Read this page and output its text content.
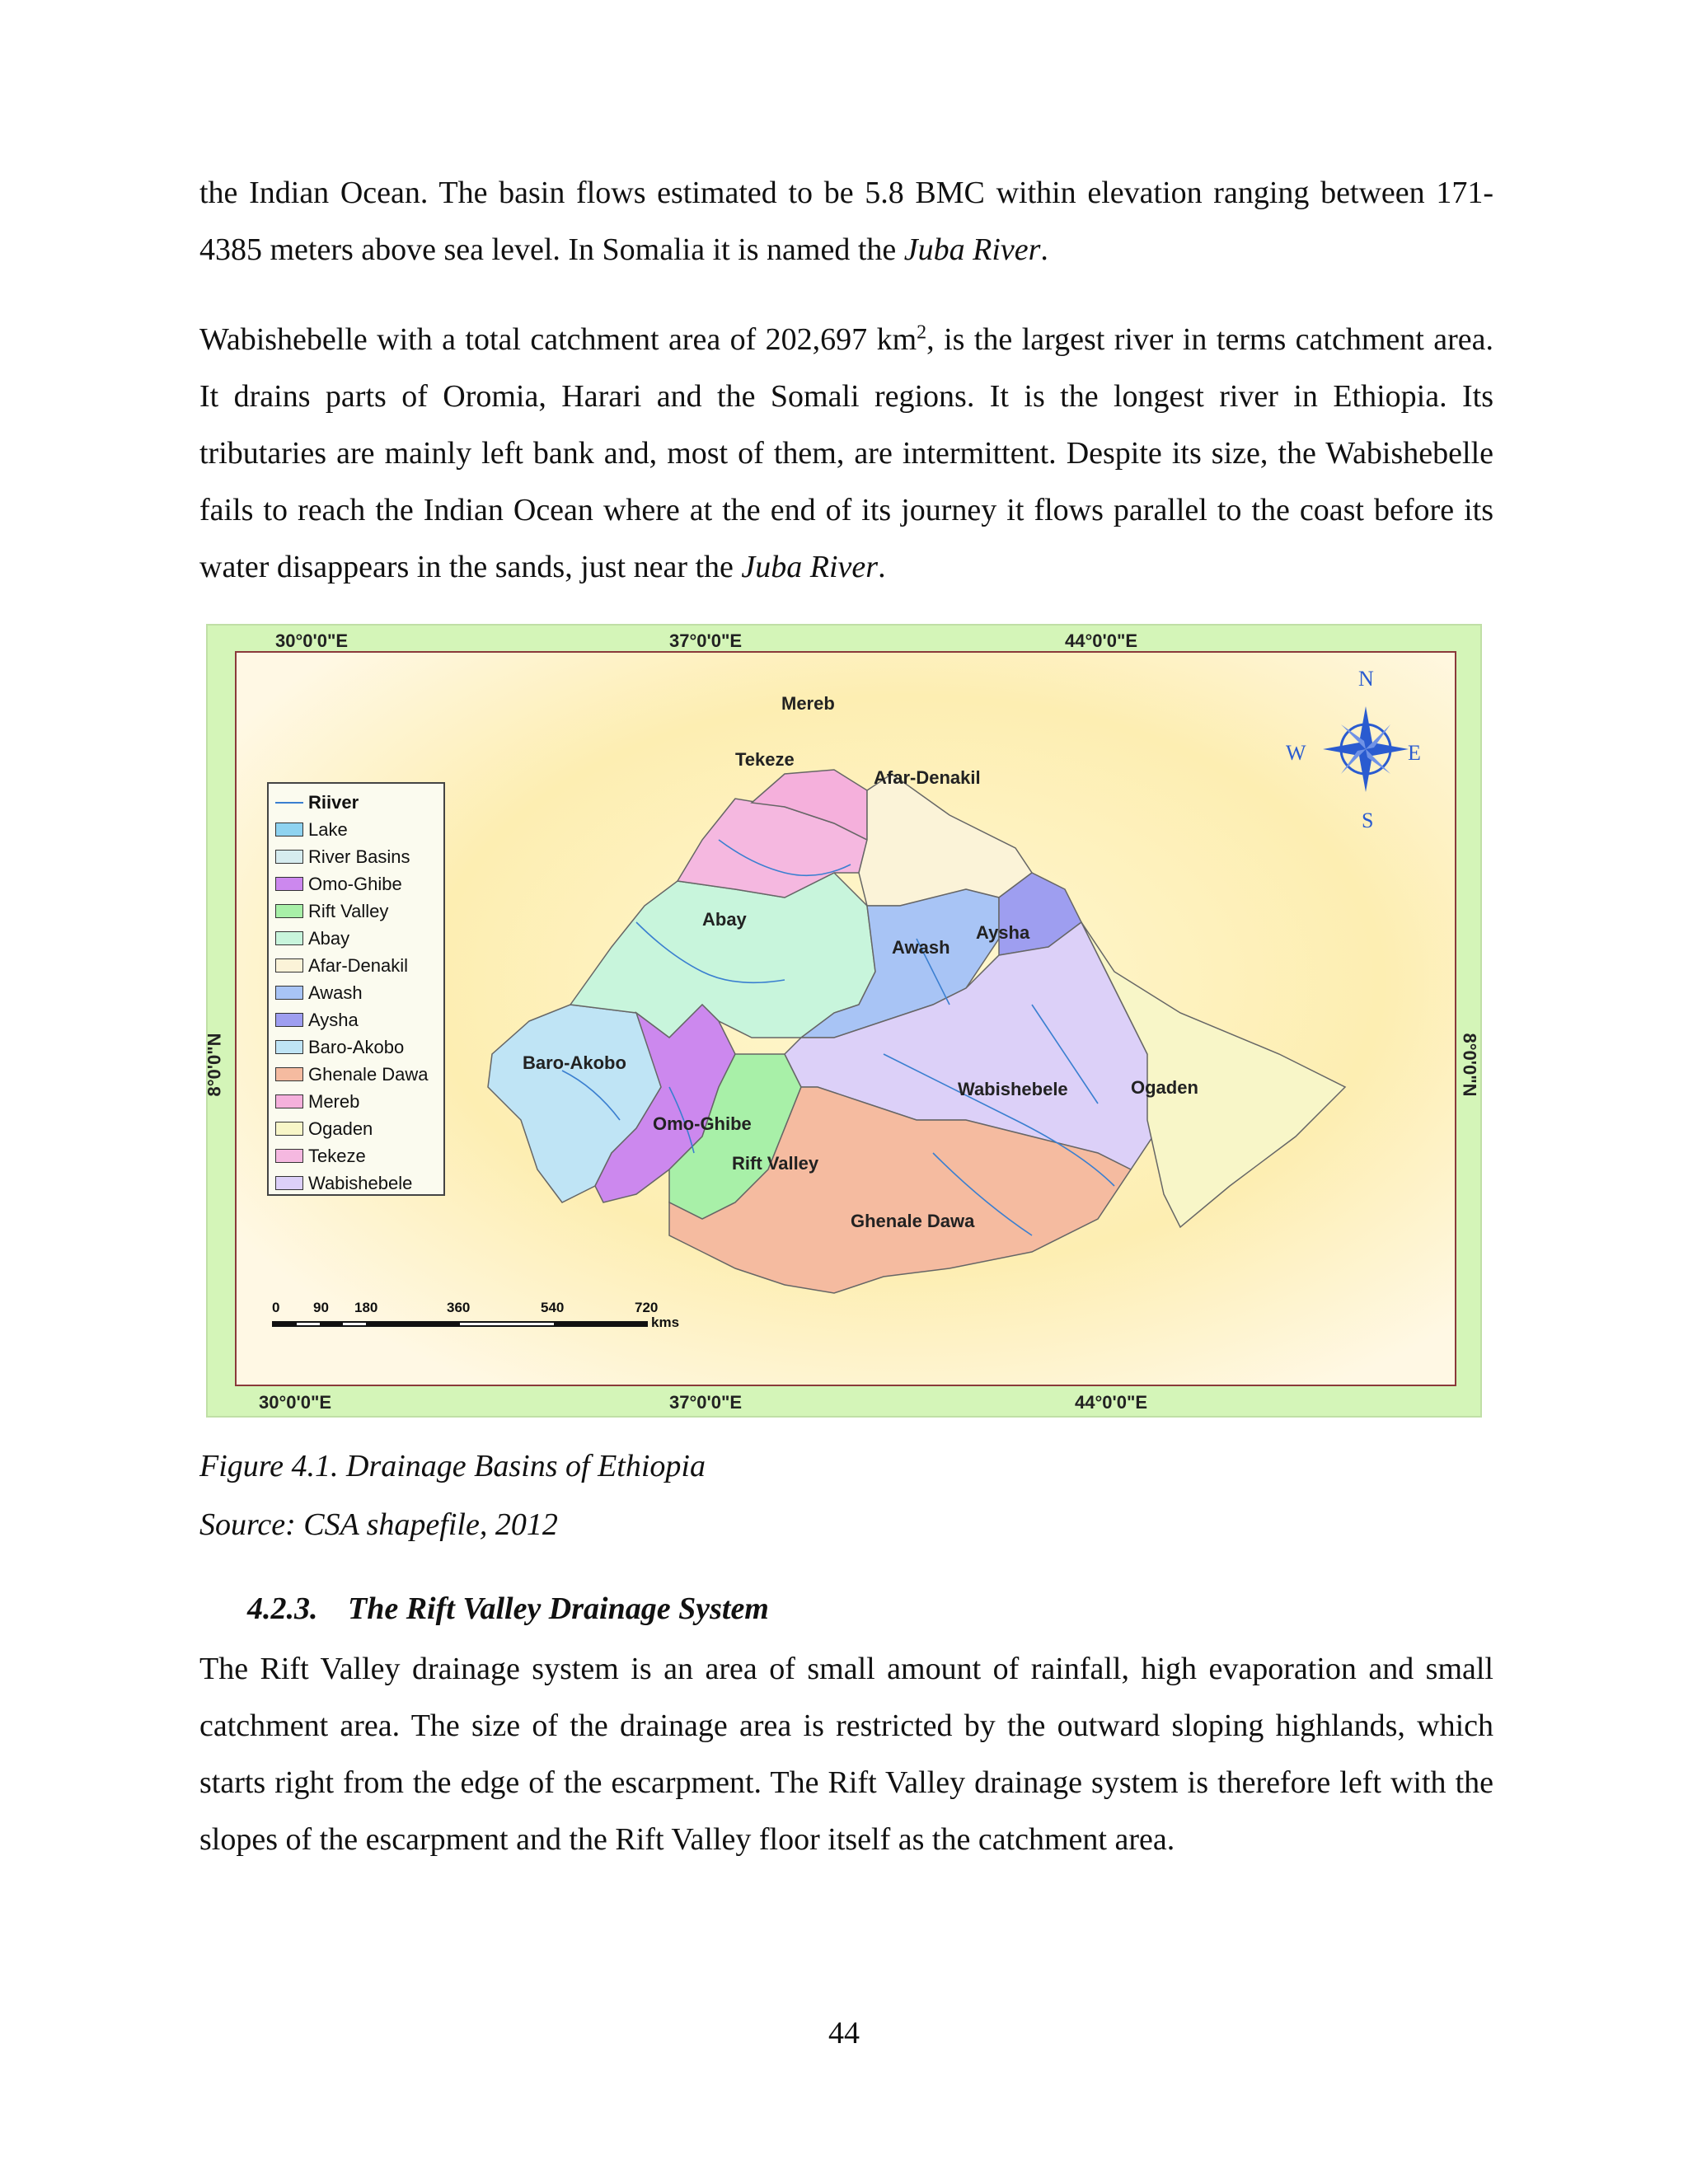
the Indian Ocean. The basin flows estimated to be 5.8 BMC within elevation ranging between 171-4385 meters above sea level. In Somalia it is named the Juba River.

Wabishebelle with a total catchment area of 202,697 $km^2$, is the largest river in terms catchment area. It drains parts of Oromia, Harari and the Somali regions. It is the longest river in Ethiopia. Its tributaries are mainly left bank and, most of them, are intermittent. Despite its size, the Wabishebelle fails to reach the Indian Ocean where at the end of its journey it flows parallel to the coast before its water disappears in the sands, just near the Juba River.

30°0'0"E	37°0'0"E	44°0'0"E
30°0'0"E	37°0'0"E	44°0'0"E
8°0'0"N	8°0'0"N
Riiver
Lake
River Basins
Omo-Ghibe
Rift Valley
Abay
Afar-Denakil
Awash
Aysha
Baro-Akobo
Ghenale Dawa
Mereb
Ogaden
Tekeze
Wabishebele
Mereb
Tekeze
Afar-Denakil
Abay
Awash
Aysha
Baro-Akobo
Ogaden
Wabishebele
Omo-Ghibe
Rift Valley
Ghenale Dawa
N
S
E
W
0 90 180	360	540	720
kms

Figure 4.1. Drainage Basins of Ethiopia

Source: CSA shapefile, 2012

4.2.3. The Rift Valley Drainage System

The Rift Valley drainage system is an area of small amount of rainfall, high evaporation and small catchment area. The size of the drainage area is restricted by the outward sloping highlands, which starts right from the edge of the escarpment. The Rift Valley drainage system is therefore left with the slopes of the escarpment and the Rift Valley floor itself as the catchment area.

44
